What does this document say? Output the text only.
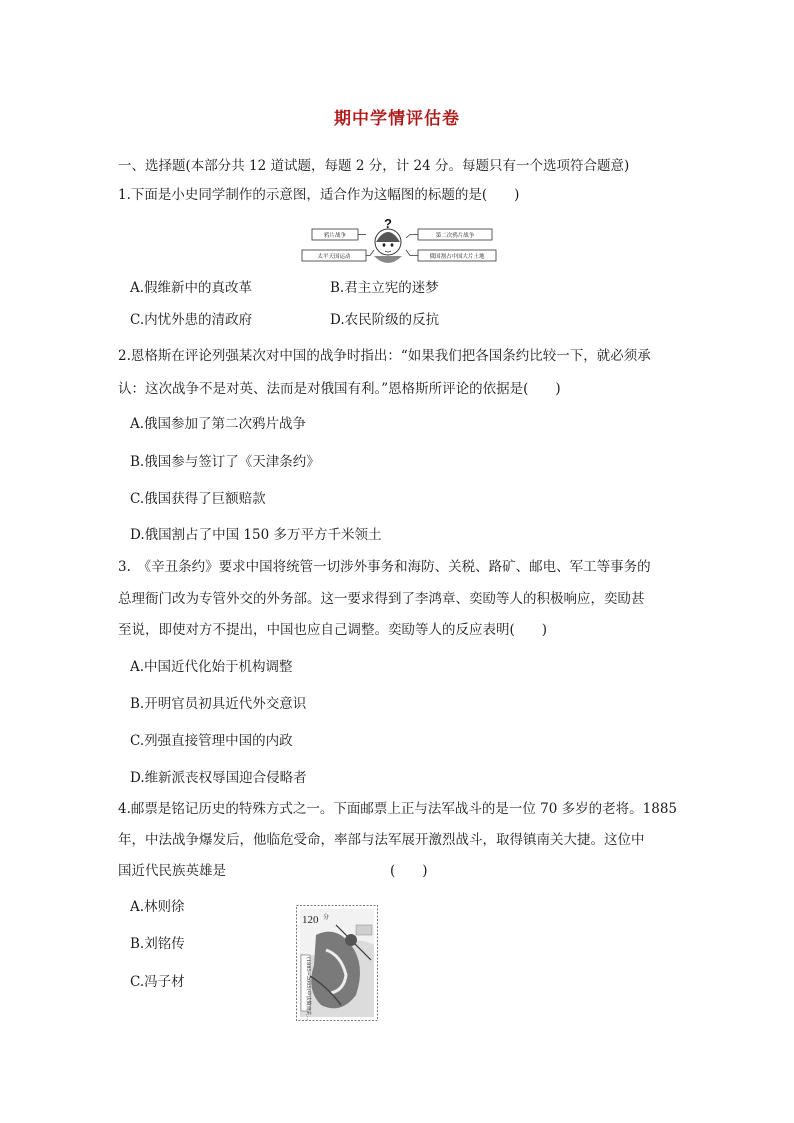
期中学情评估卷
一、选择题(本部分共 12 道试题，每题 2 分，计 24 分。每题只有一个选项符合题意)
1.下面是小史同学制作的示意图，适合作为这幅图的标题的是(　　)
?
鸦片战争
太平天国运动
第二次鸦片战争
俄国割占中国大片土地
A.假维新中的真改革	B.君主立宪的迷梦
C.内忧外患的清政府	D.农民阶级的反抗
2.恩格斯在评论列强某次对中国的战争时指出：“如果我们把各国条约比较一下，就必须承
认：这次战争不是对英、法而是对俄国有利。”恩格斯所评论的依据是(　　)
A.俄国参加了第二次鸦片战争
B.俄国参与签订了《天津条约》
C.俄国获得了巨额赔款
D.俄国割占了中国 150 多万平方千米领土
3.　《辛丑条约》要求中国将统管一切涉外事务和海防、关税、路矿、邮电、军工等事务的
总理衙门改为专管外交的外务部。这一要求得到了李鸿章、奕劻等人的积极响应，奕劻甚
至说，即使对方不提出，中国也应自己调整。奕劻等人的反应表明(　　)
A.中国近代化始于机构调整
B.开明官员初具近代外交意识
C.列强直接管理中国的内政
D.维新派丧权辱国迎合侵略者
4.邮票是铭记历史的特殊方式之一。下面邮票上正与法军战斗的是一位 70 多岁的老将。1885
年，中法战争爆发后，他临危受命，率部与法军展开激烈战斗，取得镇南关大捷。这位中
国近代民族英雄是	(　　)
A.林则徐
B.刘铭传
C.冯子材
120 分
(1885~2005)中法镇南关...
